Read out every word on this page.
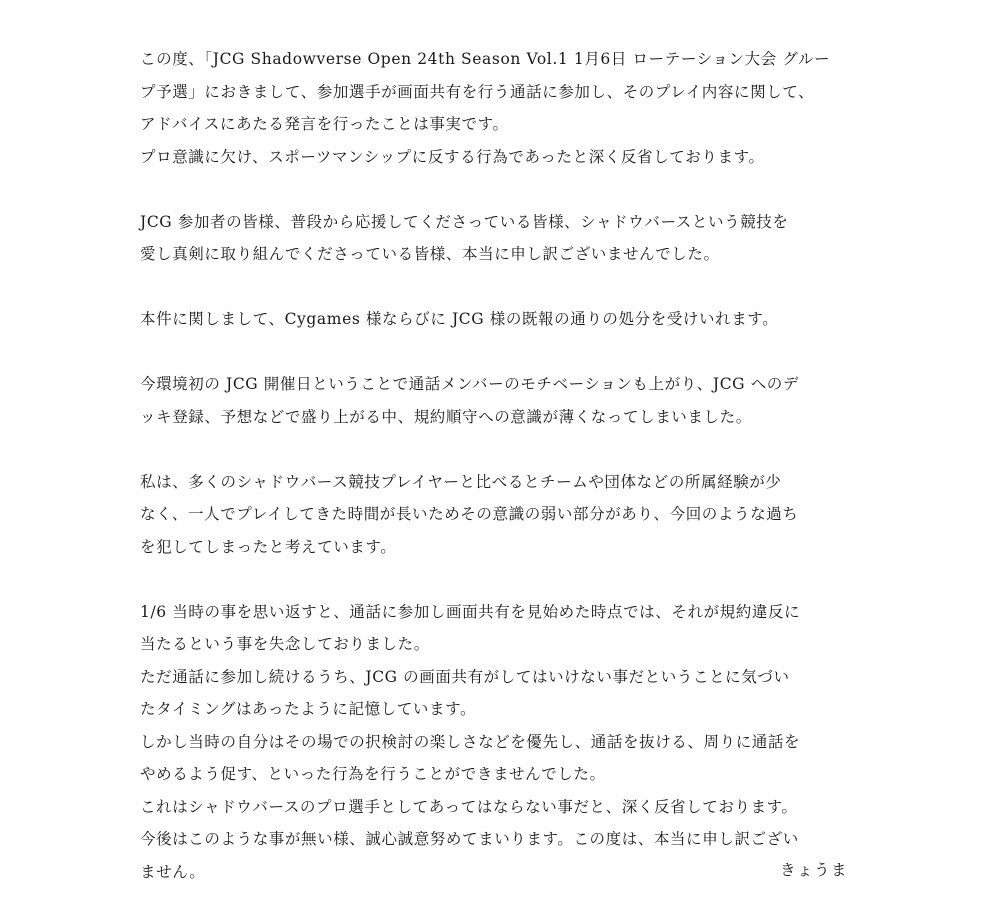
この度、「JCG Shadowverse Open 24th Season Vol.1 1月6日 ローテーション大会 グルー
プ予選」におきまして、参加選手が画面共有を行う通話に参加し、そのプレイ内容に関して、
アドバイスにあたる発言を行ったことは事実です。
プロ意識に欠け、スポーツマンシップに反する行為であったと深く反省しております。
JCG 参加者の皆様、普段から応援してくださっている皆様、シャドウバースという競技を
愛し真剣に取り組んでくださっている皆様、本当に申し訳ございませんでした。
本件に関しまして、Cygames 様ならびに JCG 様の既報の通りの処分を受けいれます。
今環境初の JCG 開催日ということで通話メンバーのモチベーションも上がり、JCG へのデ
ッキ登録、予想などで盛り上がる中、規約順守への意識が薄くなってしまいました。
私は、多くのシャドウバース競技プレイヤーと比べるとチームや団体などの所属経験が少
なく、一人でプレイしてきた時間が長いためその意識の弱い部分があり、今回のような過ち
を犯してしまったと考えています。
1/6 当時の事を思い返すと、通話に参加し画面共有を見始めた時点では、それが規約違反に
当たるという事を失念しておりました。
ただ通話に参加し続けるうち、JCG の画面共有がしてはいけない事だということに気づい
たタイミングはあったように記憶しています。
しかし当時の自分はその場での択検討の楽しさなどを優先し、通話を抜ける、周りに通話を
やめるよう促す、といった行為を行うことができませんでした。
これはシャドウバースのプロ選手としてあってはならない事だと、深く反省しております。
今後はこのような事が無い様、誠心誠意努めてまいります。この度は、本当に申し訳ござい
ません。	きょうま
